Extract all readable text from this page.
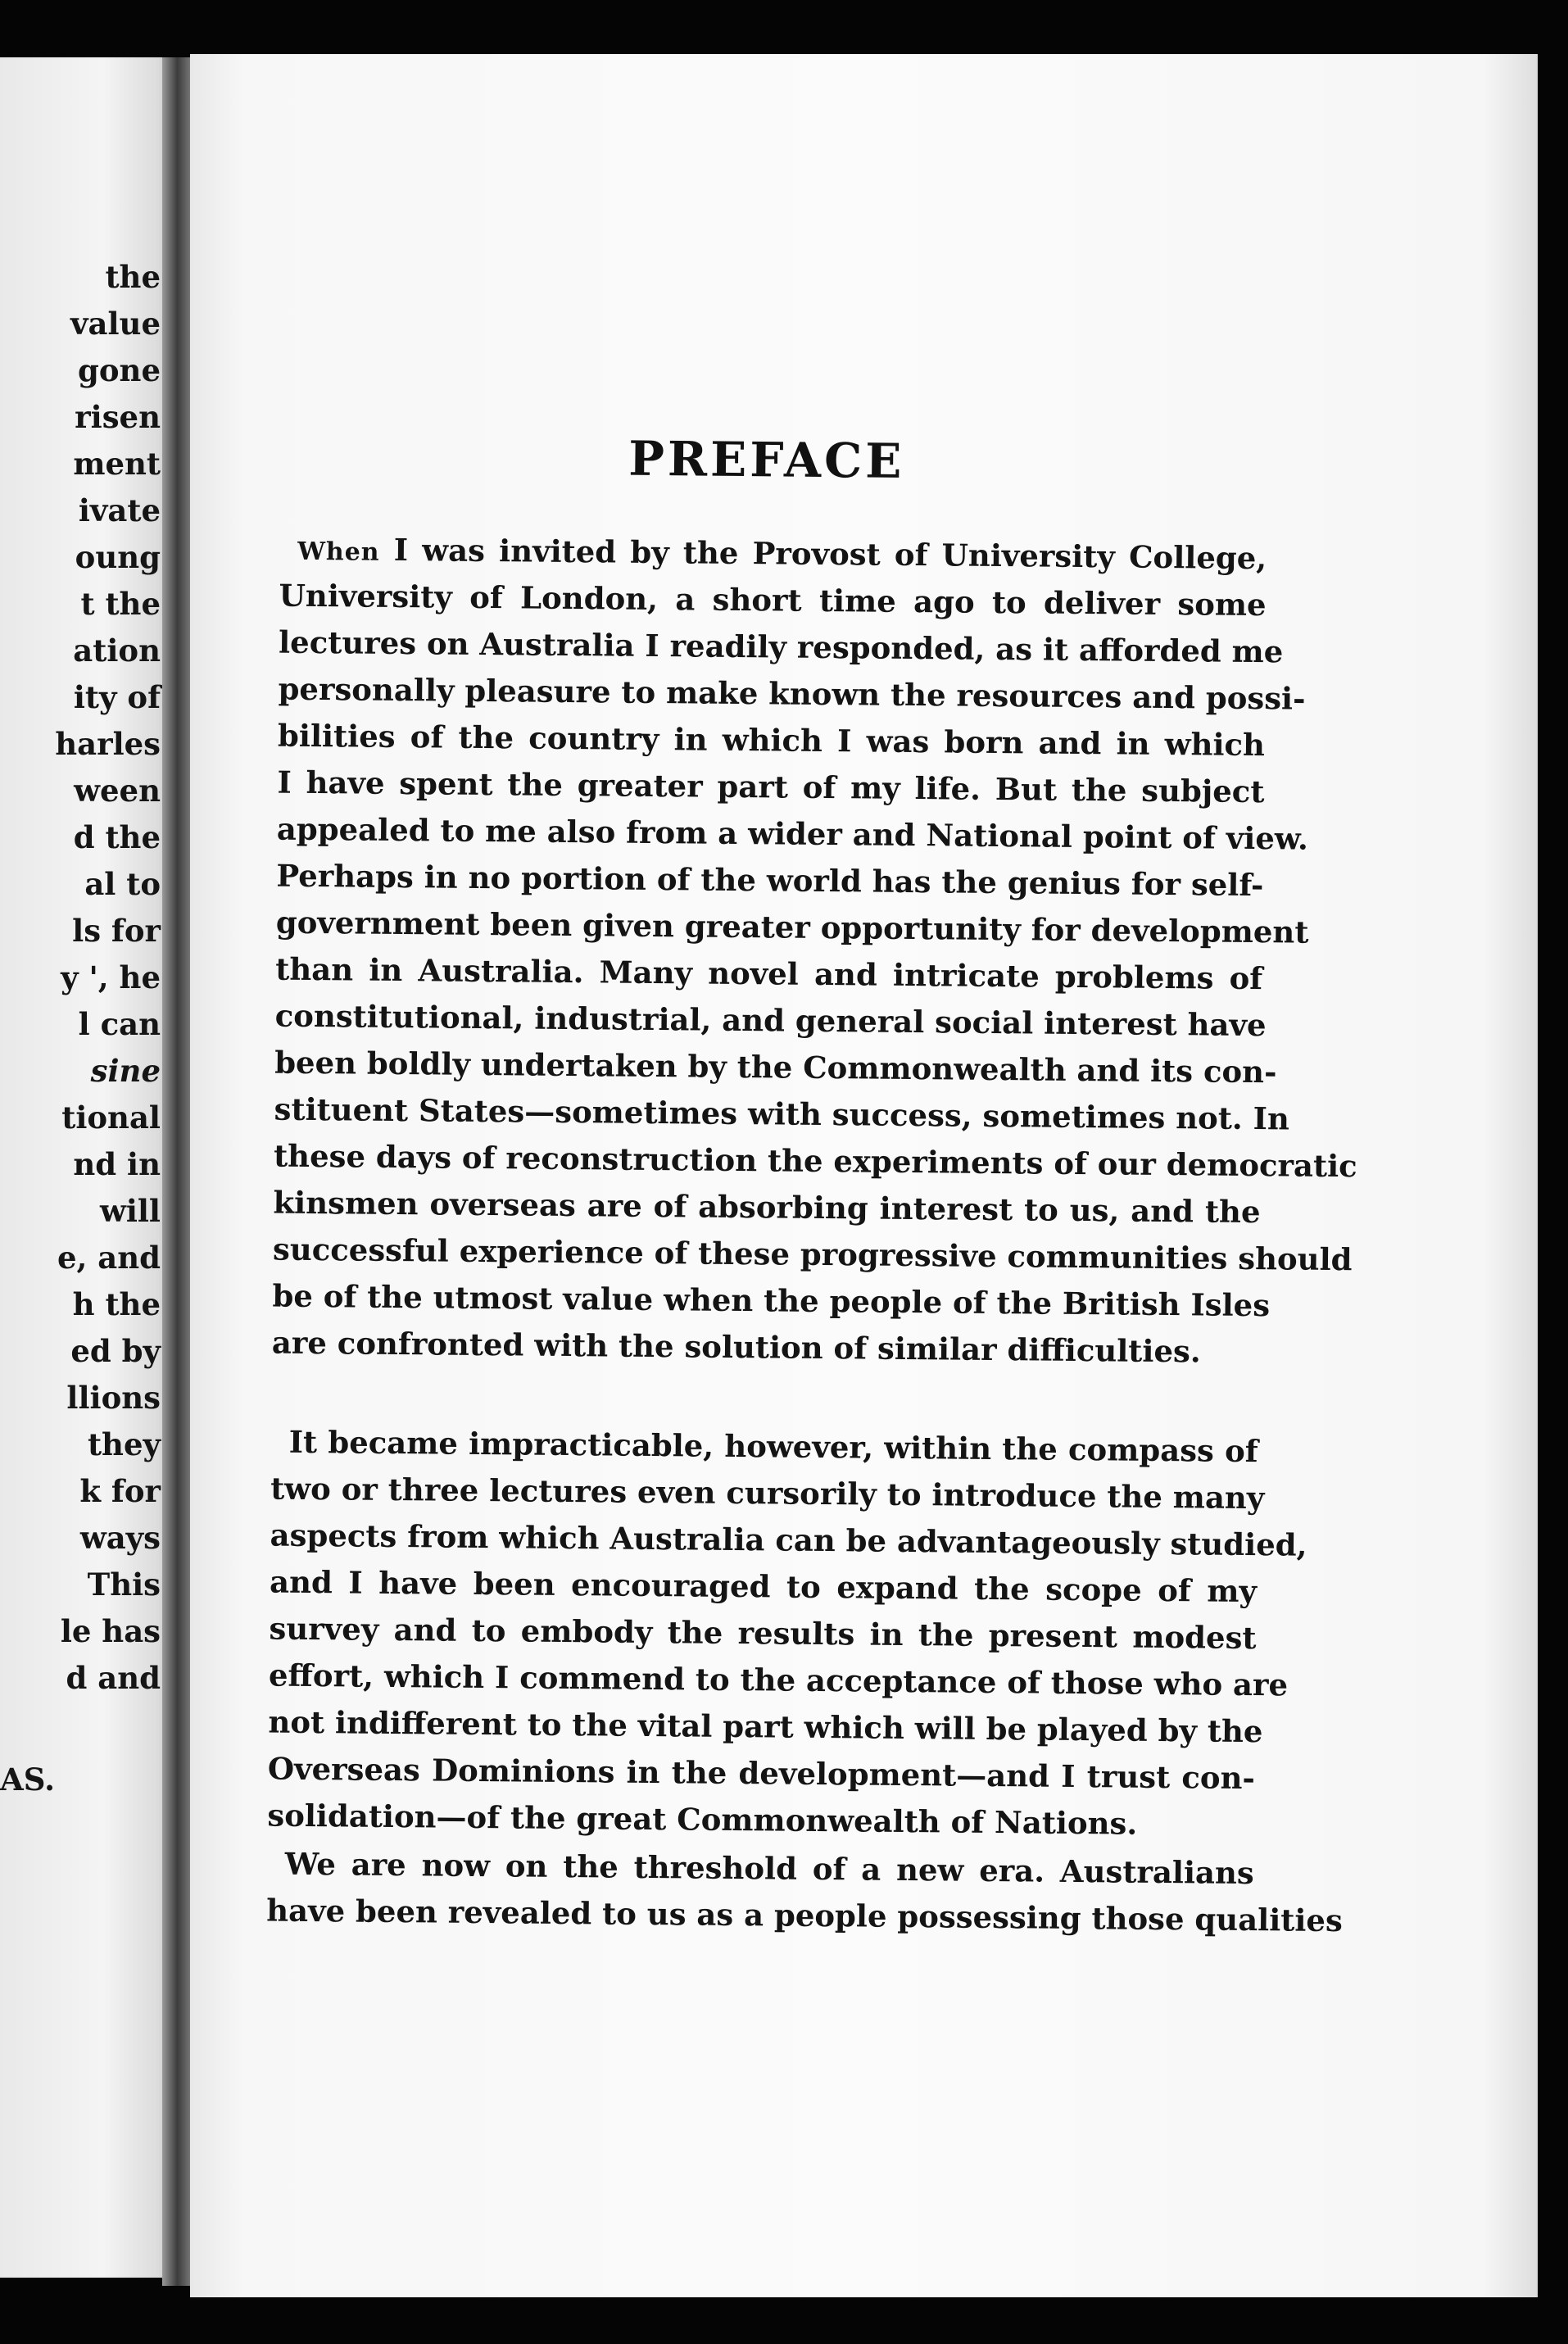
the
value
gone
risen
ment
ivate
oung
t the
ation
ity of
harles
ween
d the
al to
ls for
y ', he
l can
sine
tional
nd in
will
e, and
h the
ed by
llions
they
k for
ways
This
le has
d and
AS.
PREFACE
When I was invited by the Provost of University College,
University of London, a short time ago to deliver some
lectures on Australia I readily responded, as it afforded me
personally pleasure to make known the resources and possi-
bilities of the country in which I was born and in which
I have spent the greater part of my life. But the subject
appealed to me also from a wider and National point of view.
Perhaps in no portion of the world has the genius for self-
government been given greater opportunity for development
than in Australia. Many novel and intricate problems of
constitutional, industrial, and general social interest have
been boldly undertaken by the Commonwealth and its con-
stituent States—sometimes with success, sometimes not. In
these days of reconstruction the experiments of our democratic
kinsmen overseas are of absorbing interest to us, and the
successful experience of these progressive communities should
be of the utmost value when the people of the British Isles
are confronted with the solution of similar difficulties.
It became impracticable, however, within the compass of
two or three lectures even cursorily to introduce the many
aspects from which Australia can be advantageously studied,
and I have been encouraged to expand the scope of my
survey and to embody the results in the present modest
effort, which I commend to the acceptance of those who are
not indifferent to the vital part which will be played by the
Overseas Dominions in the development—and I trust con-
solidation—of the great Commonwealth of Nations.
We are now on the threshold of a new era. Australians
have been revealed to us as a people possessing those qualities
